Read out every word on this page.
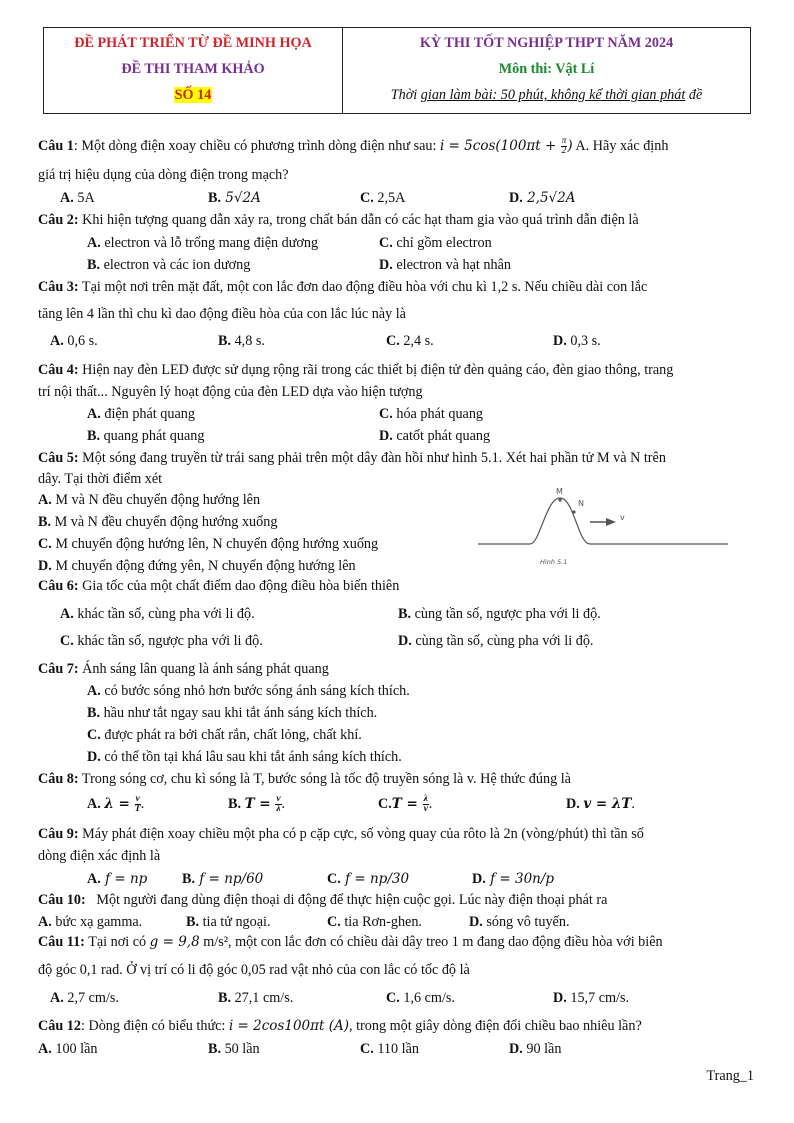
ĐỀ PHÁT TRIỂN TỪ ĐỀ MINH HỌA
ĐỀ THI THAM KHẢO
SỐ 14
KỲ THI TỐT NGHIỆP THPT NĂM 2024
Môn thi: Vật Lí
Thời gian làm bài: 50 phút, không kể thời gian phát đề
Câu 1: Một dòng điện xoay chiều có phương trình dòng điện như sau: $i = 5\cos(100\pi t + \frac{\pi}{2}$ ) A. Hãy xác định
giá trị hiệu dụng của dòng điện trong mạch?
A. 5A	B. 5√2A	C. 2,5A	D. 2,5√2A
Câu 2: Khi hiện tượng quang dẫn xảy ra, trong chất bán dẫn có các hạt tham gia vào quá trình dẫn điện là
A. electron và lỗ trống mang điện dương	C. chỉ gồm electron
B. electron và các ion dương	D. electron và hạt nhân
Câu 3: Tại một nơi trên mặt đất, một con lắc đơn dao động điều hòa với chu kì 1,2 s. Nếu chiều dài con lắc
tăng lên 4 lần thì chu kì dao động điều hòa của con lắc lúc này là
A. 0,6 s.	B. 4,8 s.	C. 2,4 s.	D. 0,3 s.
Câu 4: Hiện nay đèn LED được sử dụng rộng rãi trong các thiết bị điện tử đèn quảng cáo, đèn giao thông, trang
trí nội thất... Nguyên lý hoạt động của đèn LED dựa vào hiện tượng
A. điện phát quang	C. hóa phát quang
B. quang phát quang	D. catốt phát quang
Câu 5: Một sóng đang truyền từ trái sang phải trên một dây đàn hồi như hình 5.1. Xét hai phần tử M và N trên
dây. Tại thời điểm xét
A. M và N đều chuyển động hướng lên
B. M và N đều chuyển động hướng xuống
C. M chuyển động hướng lên, N chuyển động hướng xuống
D. M chuyển động đứng yên, N chuyển động hướng lên
M
N
v
Hình 5.1
Câu 6: Gia tốc của một chất điểm dao động điều hòa biến thiên
A. khác tần số, cùng pha với li độ.	B. cùng tần số, ngược pha với li độ.
C. khác tần số, ngược pha với li độ.	D. cùng tần số, cùng pha với li độ.
Câu 7: Ánh sáng lân quang là ánh sáng phát quang
A. có bước sóng nhỏ hơn bước sóng ánh sáng kích thích.
B. hầu như tắt ngay sau khi tắt ánh sáng kích thích.
C. được phát ra bởi chất rắn, chất lỏng, chất khí.
D. có thể tồn tại khá lâu sau khi tắt ánh sáng kích thích.
Câu 8: Trong sóng cơ, chu kì sóng là T, bước sóng là tốc độ truyền sóng là v. Hệ thức đúng là
A. $\lambda = \frac{v}{T}$ .	B. $T = \frac{v}{\lambda}$ .	$C.T = \frac{\lambda}{v}$ .	D. v = λT.
Câu 9: Máy phát điện xoay chiều một pha có p cặp cực, số vòng quay của rôto là 2n (vòng/phút) thì tần số
dòng điện xác định là
A. f = np B. f = np/60	C. f = np/30	D. f = 30n/p
Câu 10:   Một người đang dùng điện thoại di động để thực hiện cuộc gọi. Lúc này điện thoại phát ra
A. bức xạ gamma.	B. tia tử ngoại.	C. tia Rơn-ghen.	D. sóng vô tuyến.
Câu 11: Tại nơi có g = 9,8 m/s², một con lắc đơn có chiều dài dây treo 1 m đang dao động điều hòa với biên
độ góc 0,1 rad. Ở vị trí có li độ góc 0,05 rad vật nhỏ của con lắc có tốc độ là
A. 2,7 cm/s.	B. 27,1 cm/s.	C. 1,6 cm/s.	D. 15,7 cm/s.
Câu 12: Dòng điện có biểu thức: i = 2cos100πt (A), trong một giây dòng điện đổi chiều bao nhiêu lần?
A. 100 lần	B. 50 lần	C. 110 lần	D. 90 lần
Trang_1
